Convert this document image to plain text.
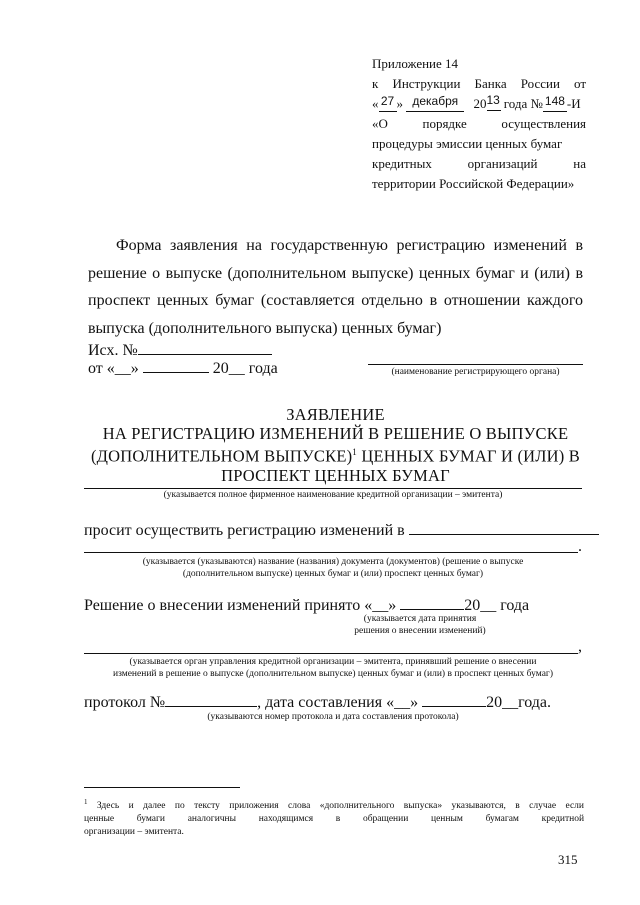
Приложение 14
к Инструкции Банка России от
« 27 » декабря 2013 года № 148 -И
«О	порядке	осуществления
процедуры эмиссии ценных бумаг
кредитных	организаций	на
территории Российской Федерации»
Форма заявления на государственную регистрацию изменений в
решение о выпуске (дополнительном выпуске) ценных бумаг и (или) в
проспект ценных бумаг (составляется отдельно в отношении каждого
выпуска (дополнительного выпуска) ценных бумаг)
Исх. №
от «__»	20__ года	(наименование регистрирующего органа)
ЗАЯВЛЕНИЕ
НА РЕГИСТРАЦИЮ ИЗМЕНЕНИЙ В РЕШЕНИЕ О ВЫПУСКЕ
(ДОПОЛНИТЕЛЬНОМ ВЫПУСКЕ)$^1$ ЦЕННЫХ БУМАГ И (ИЛИ) В
ПРОСПЕКТ ЦЕННЫХ БУМАГ
(указывается полное фирменное наименование кредитной организации – эмитента)
просит осуществить регистрацию изменений в
.
(указывается (указываются) название (названия) документа (документов) (решение о выпуске
(дополнительном выпуске) ценных бумаг и (или) проспект ценных бумаг)
Решение о внесении изменений принято «__»	20__ года
(указывается дата принятия
решения о внесении изменений)
,
(указывается орган управления кредитной организации – эмитента, принявший решение о внесении
изменений в решение о выпуске (дополнительном выпуске) ценных бумаг и (или) в проспект ценных бумаг)
протокол №	, дата составления «__»	20__года.
(указываются номер протокола и дата составления протокола)
$^1$ Здесь и далее по тексту приложения слова «дополнительного выпуска» указываются, в случае если
ценные бумаги аналогичны находящимся в обращении ценным бумагам кредитной
организации – эмитента.
315
